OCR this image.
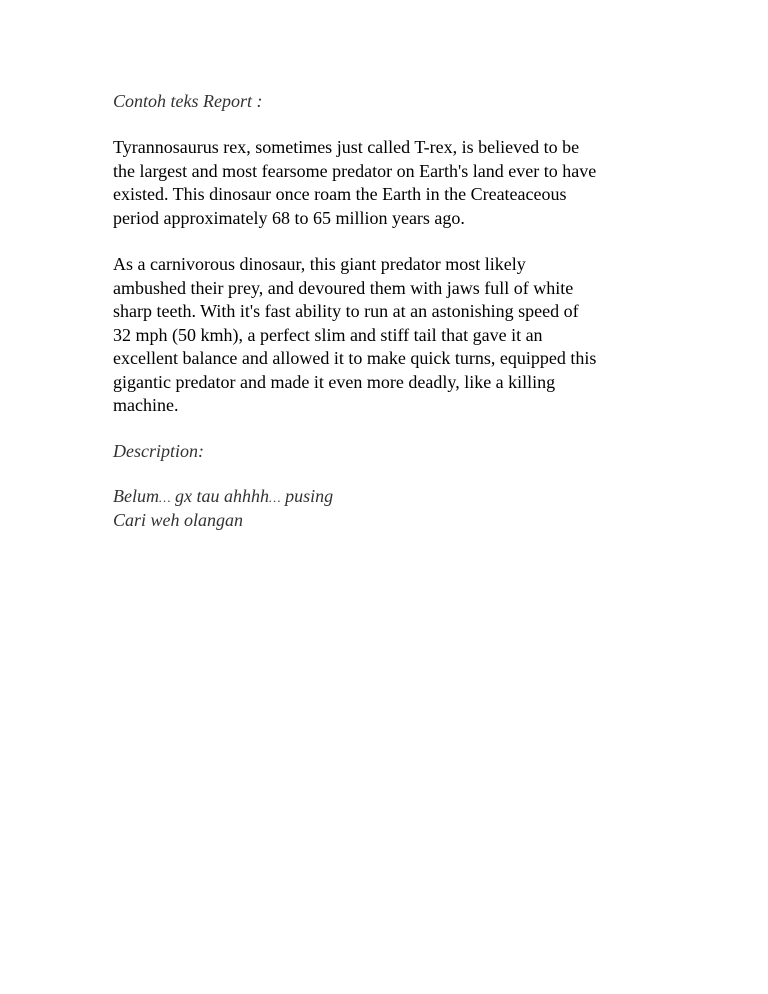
Contoh teks Report :

Tyrannosaurus rex, sometimes just called T-rex, is believed to be
the largest and most fearsome predator on Earth's land ever to have
existed. This dinosaur once roam the Earth in the Createaceous
period approximately 68 to 65 million years ago.

As a carnivorous dinosaur, this giant predator most likely
ambushed their prey, and devoured them with jaws full of white
sharp teeth. With it's fast ability to run at an astonishing speed of
32 mph (50 kmh), a perfect slim and stiff tail that gave it an
excellent balance and allowed it to make quick turns, equipped this
gigantic predator and made it even more deadly, like a killing
machine.

Description:

Belum… gx tau ahhhh… pusing
Cari weh olangan
